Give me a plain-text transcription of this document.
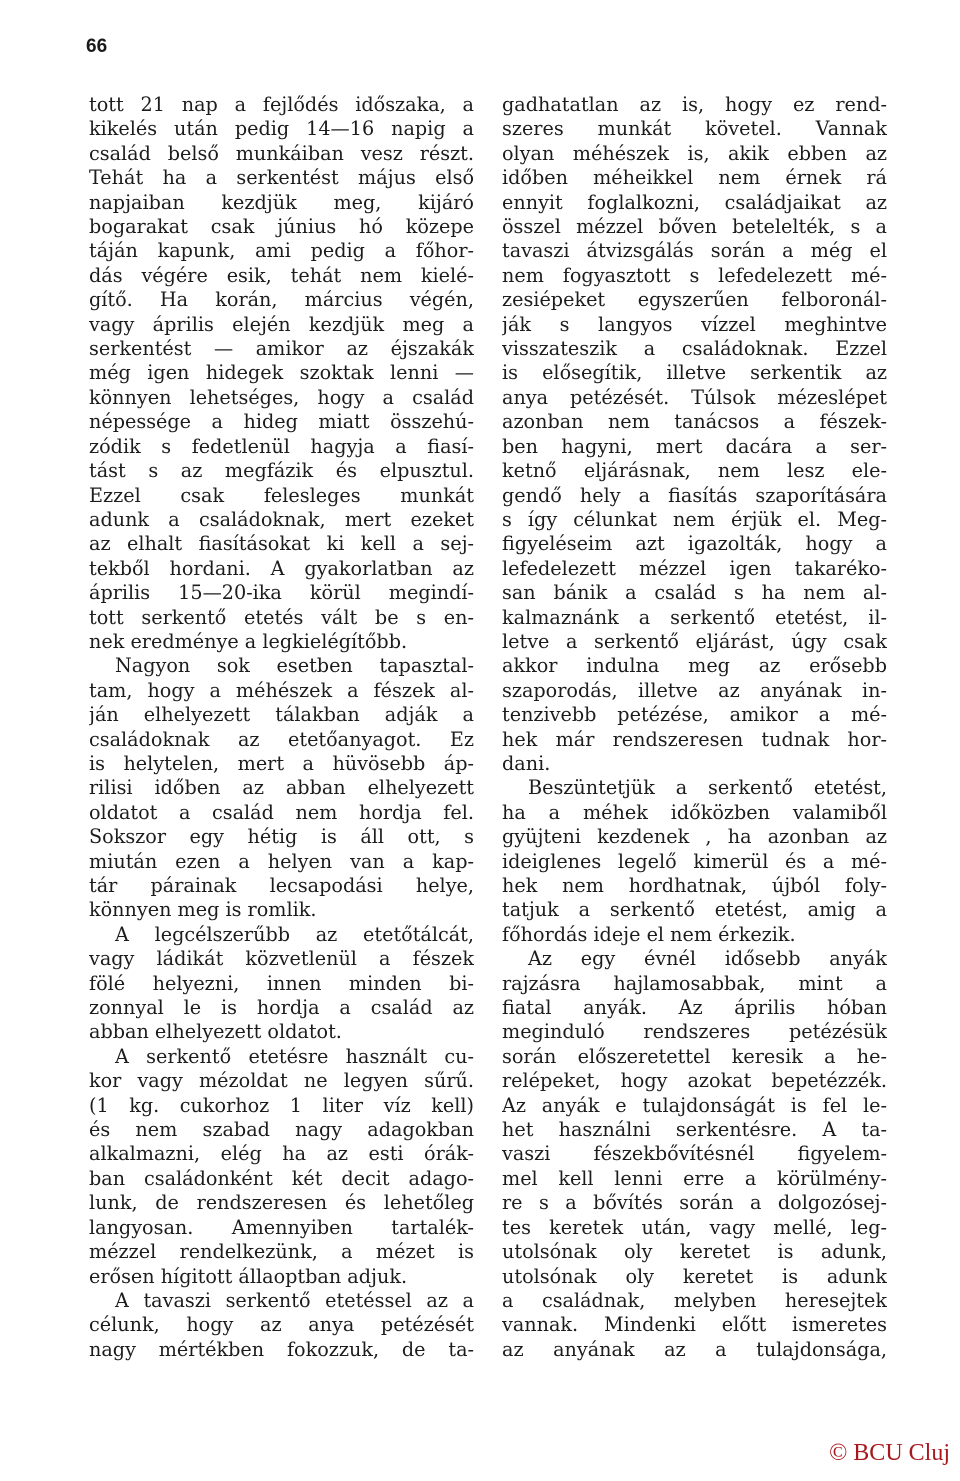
66
tott 21 nap a fejlődés időszaka, a
kikelés után pedig 14—16 napig a
család belső munkáiban vesz részt.
Tehát ha a serkentést május első
napjaiban kezdjük meg, kijáró
bogarakat csak június hó közepe
táján kapunk, ami pedig a főhor-
dás végére esik, tehát nem kielé-
gítő. Ha korán, március végén,
vagy április elején kezdjük meg a
serkentést — amikor az éjszakák
még igen hidegek szoktak lenni —
könnyen lehetséges, hogy a család
népessége a hideg miatt összehú-
zódik s fedetlenül hagyja a fiasí-
tást s az megfázik és elpusztul.
Ezzel csak felesleges munkát
adunk a családoknak, mert ezeket
az elhalt fiasításokat ki kell a sej-
tekből hordani. A gyakorlatban az
április 15—20-ika körül megindí-
tott serkentő etetés vált be s en-
nek eredménye a legkielégítőbb.
Nagyon sok esetben tapasztal-
tam, hogy a méhészek a fészek al-
ján elhelyezett tálakban adják a
családoknak az etetőanyagot. Ez
is helytelen, mert a hüvösebb áp-
rilisi időben az abban elhelyezett
oldatot a család nem hordja fel.
Sokszor egy hétig is áll ott, s
miután ezen a helyen van a kap-
tár párainak lecsapodási helye,
könnyen meg is romlik.
A legcélszerűbb az etetőtálcát,
vagy ládikát közvetlenül a fészek
fölé helyezni, innen minden bi-
zonnyal le is hordja a család az
abban elhelyezett oldatot.
A serkentő etetésre használt cu-
kor vagy mézoldat ne legyen sűrű.
(1 kg. cukorhoz 1 liter víz kell)
és nem szabad nagy adagokban
alkalmazni, elég ha az esti órák-
ban családonként két decit adago-
lunk, de rendszeresen és lehetőleg
langyosan. Amennyiben tartalék-
mézzel rendelkezünk, a mézet is
erősen hígitott állaoptban adjuk.
A tavaszi serkentő etetéssel az a
célunk, hogy az anya petézését
nagy mértékben fokozzuk, de ta-
gadhatatlan az is, hogy ez rend-
szeres munkát követel. Vannak
olyan méhészek is, akik ebben az
időben méheikkel nem érnek rá
ennyit foglalkozni, családjaikat az
összel mézzel bőven betelelték, s a
tavaszi átvizsgálás során a még el
nem fogyasztott s lefedelezett mé-
zesiépeket egyszerűen felboronál-
ják s langyos vízzel meghintve
visszateszik a családoknak. Ezzel
is elősegítik, illetve serkentik az
anya petézését. Túlsok mézeslépet
azonban nem tanácsos a fészek-
ben hagyni, mert dacára a ser-
ketnő eljárásnak, nem lesz ele-
gendő hely a fiasítás szaporítására
s így célunkat nem érjük el. Meg-
figyeléseim azt igazolták, hogy a
lefedelezett mézzel igen takarékо-
san bánik a család s ha nem al-
kalmaznánk a serkentő etetést, il-
letve a serkentő eljárást, úgy csak
akkor indulna meg az erősebb
szaporodás, illetve az anyának in-
tenzivebb petézése, amikor a mé-
hek már rendszeresen tudnak hor-
dani.
Beszüntetjük a serkentő etetést,
ha a méhek időközben valamiből
gyüjteni kezdenek , ha azonban az
ideiglenes legelő kimerül és a mé-
hek nem hordhatnak, újból foly-
tatjuk a serkentő etetést, amig a
főhordás ideje el nem érkezik.
Az egy évnél idősebb anyák
rajzásra hajlamosabbak, mint a
fiatal anyák. Az április hóban
meginduló rendszeres petézésük
során előszeretettel keresik a he-
relépeket, hogy azokat bepetézzék.
Az anyák e tulajdonságát is fel le-
het használni serkentésre. A ta-
vaszi fészekbővítésnél figyelem-
mel kell lenni erre a körülmény-
re s a bővítés során a dolgozósej-
tes keretek után, vagy mellé, leg-
utolsónak oly keretet is adunk,
utolsónak oly keretet is adunk
a családnak, melyben heresejtek
vannak. Mindenki előtt ismeretes
az anyának az a tulajdonsága,
© BCU Cluj
